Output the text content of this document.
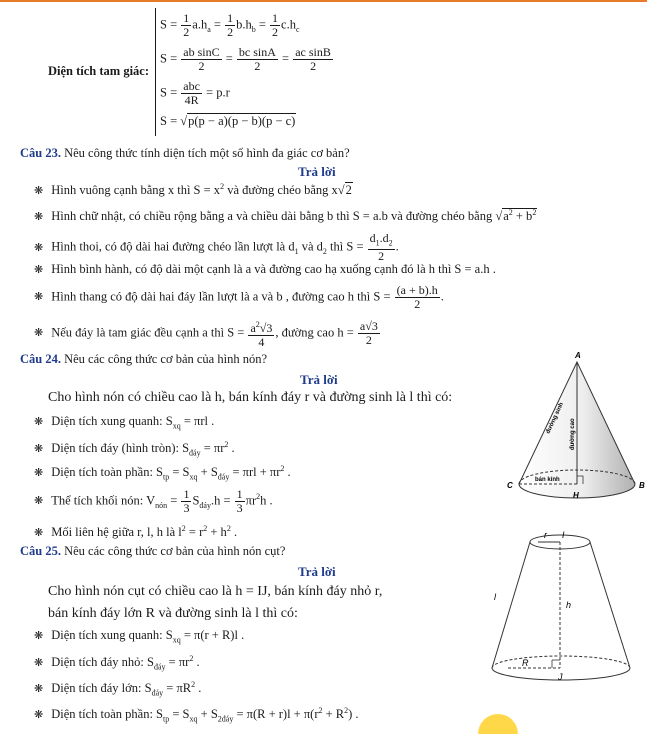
Diện tích tam giác:
$S = \frac{1}{2} a.h_a = \frac{1}{2} b.h_b = \frac{1}{2} c.h_c$
$S = \frac{\text{ab sinC}}{2} = \frac{\text{bc sinA}}{2} = \frac{\text{ac sinB}}{2}$
$S = \frac{\text{abc}}{4R} = p.r$
S = √p(p − a)(p − b)(p − c)
Câu 23. Nêu công thức tính diện tích một số hình đa giác cơ bản?
Trả lời
❋ Hình vuông cạnh bằng x thì $S = x^2$ và đường chéo bằng x√2
❋ Hình chữ nhật, có chiều rộng bằng a và chiều dài bằng b thì S = a.b và đường chéo bằng $√a^2 + b^2$
❋ Hình thoi, có độ dài hai đường chéo lần lượt là $d_1$ và $d_2$ thì $S = \frac{d_1.d_2}{2}$ .
❋ Hình bình hành, có độ dài một cạnh là a và đường cao hạ xuống cạnh đó là h thì S = a.h .
❋ Hình thang có độ dài hai đáy lần lượt là a và b , đường cao h thì $S = \frac{(a + b).h}{2}$ .
❋ Nếu đáy là tam giác đều cạnh a thì $S = \frac{a^2√3}{4}$ , đường cao $h = \frac{a√3}{2}$
Câu 24. Nêu các công thức cơ bản của hình nón?
Trả lời
Cho hình nón có chiều cao là h, bán kính đáy r và đường sinh là l thì có:
❋ Diện tích xung quanh: $S_{xq} = \pi rl$ .
❋ Diện tích đáy (hình tròn): $S_{đáy} = \pi r^2$ .
❋ Diện tích toàn phần: $S_{tp} = S_{xq} + S_{đáy} = \pi rl + \pi r^2$ .
❋ Thể tích khối nón: $V_{nón} = \frac{1}{3} S_{đáy}.h = \frac{1}{3} \pi r^2h$ .
❋ Mối liên hệ giữa r, l, h là $l^2 = r^2 + h^2$ .
A
C	B
H
bán kính
đường sinh đường cao
Câu 25. Nêu các công thức cơ bản của hình nón cụt?
Trả lời
Cho hình nón cụt có chiều cao là h = IJ, bán kính đáy nhỏ r,
bán kính đáy lớn R và đường sinh là l thì có:
❋ Diện tích xung quanh: $S_{xq} = \pi(r + R)l$ .
❋ Diện tích đáy nhỏ: $S_{đáy} = \pi r^2$ .
❋ Diện tích đáy lớn: $S_{đáy} = \pi R^2$ .
❋ Diện tích toàn phần: $S_{tp} = S_{xq} + S_{2đáy} = \pi(R + r)l + \pi(r^2 + R^2)$ .
r I
l
h
R
J
